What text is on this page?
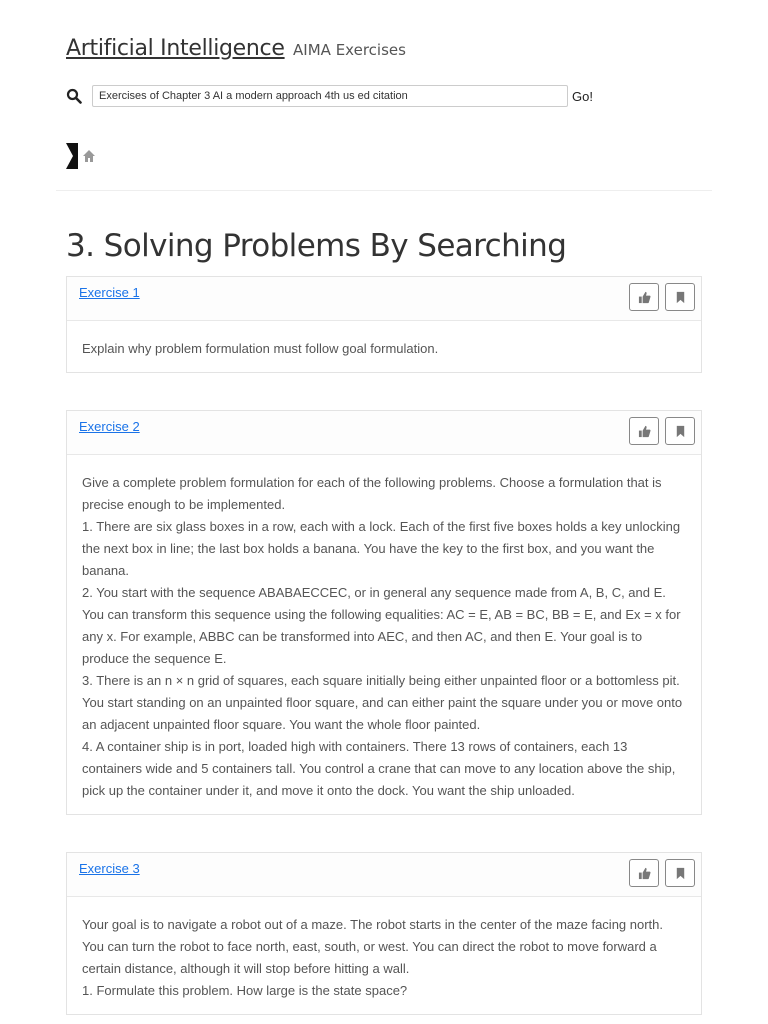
Artificial Intelligence AIMA Exercises
Exercises of Chapter 3 AI a modern approach 4th us ed citation
Go!
3. Solving Problems By Searching
Exercise 1

Explain why problem formulation must follow goal formulation.

Exercise 2

Give a complete problem formulation for each of the following problems. Choose a formulation that is precise enough to be implemented.

1. There are six glass boxes in a row, each with a lock. Each of the first five boxes holds a key unlocking the next box in line; the last box holds a banana. You have the key to the first box, and you want the banana.

2. You start with the sequence ABABAECCEC, or in general any sequence made from A, B, C, and E. You can transform this sequence using the following equalities: AC = E, AB = BC, BB = E, and Ex = x for any x. For example, ABBC can be transformed into AEC, and then AC, and then E. Your goal is to produce the sequence E.

3. There is an n × n grid of squares, each square initially being either unpainted floor or a bottomless pit. You start standing on an unpainted floor square, and can either paint the square under you or move onto an adjacent unpainted floor square. You want the whole floor painted.

4. A container ship is in port, loaded high with containers. There 13 rows of containers, each 13 containers wide and 5 containers tall. You control a crane that can move to any location above the ship, pick up the container under it, and move it onto the dock. You want the ship unloaded.

Exercise 3

Your goal is to navigate a robot out of a maze. The robot starts in the center of the maze facing north. You can turn the robot to face north, east, south, or west. You can direct the robot to move forward a certain distance, although it will stop before hitting a wall.

1. Formulate this problem. How large is the state space?
